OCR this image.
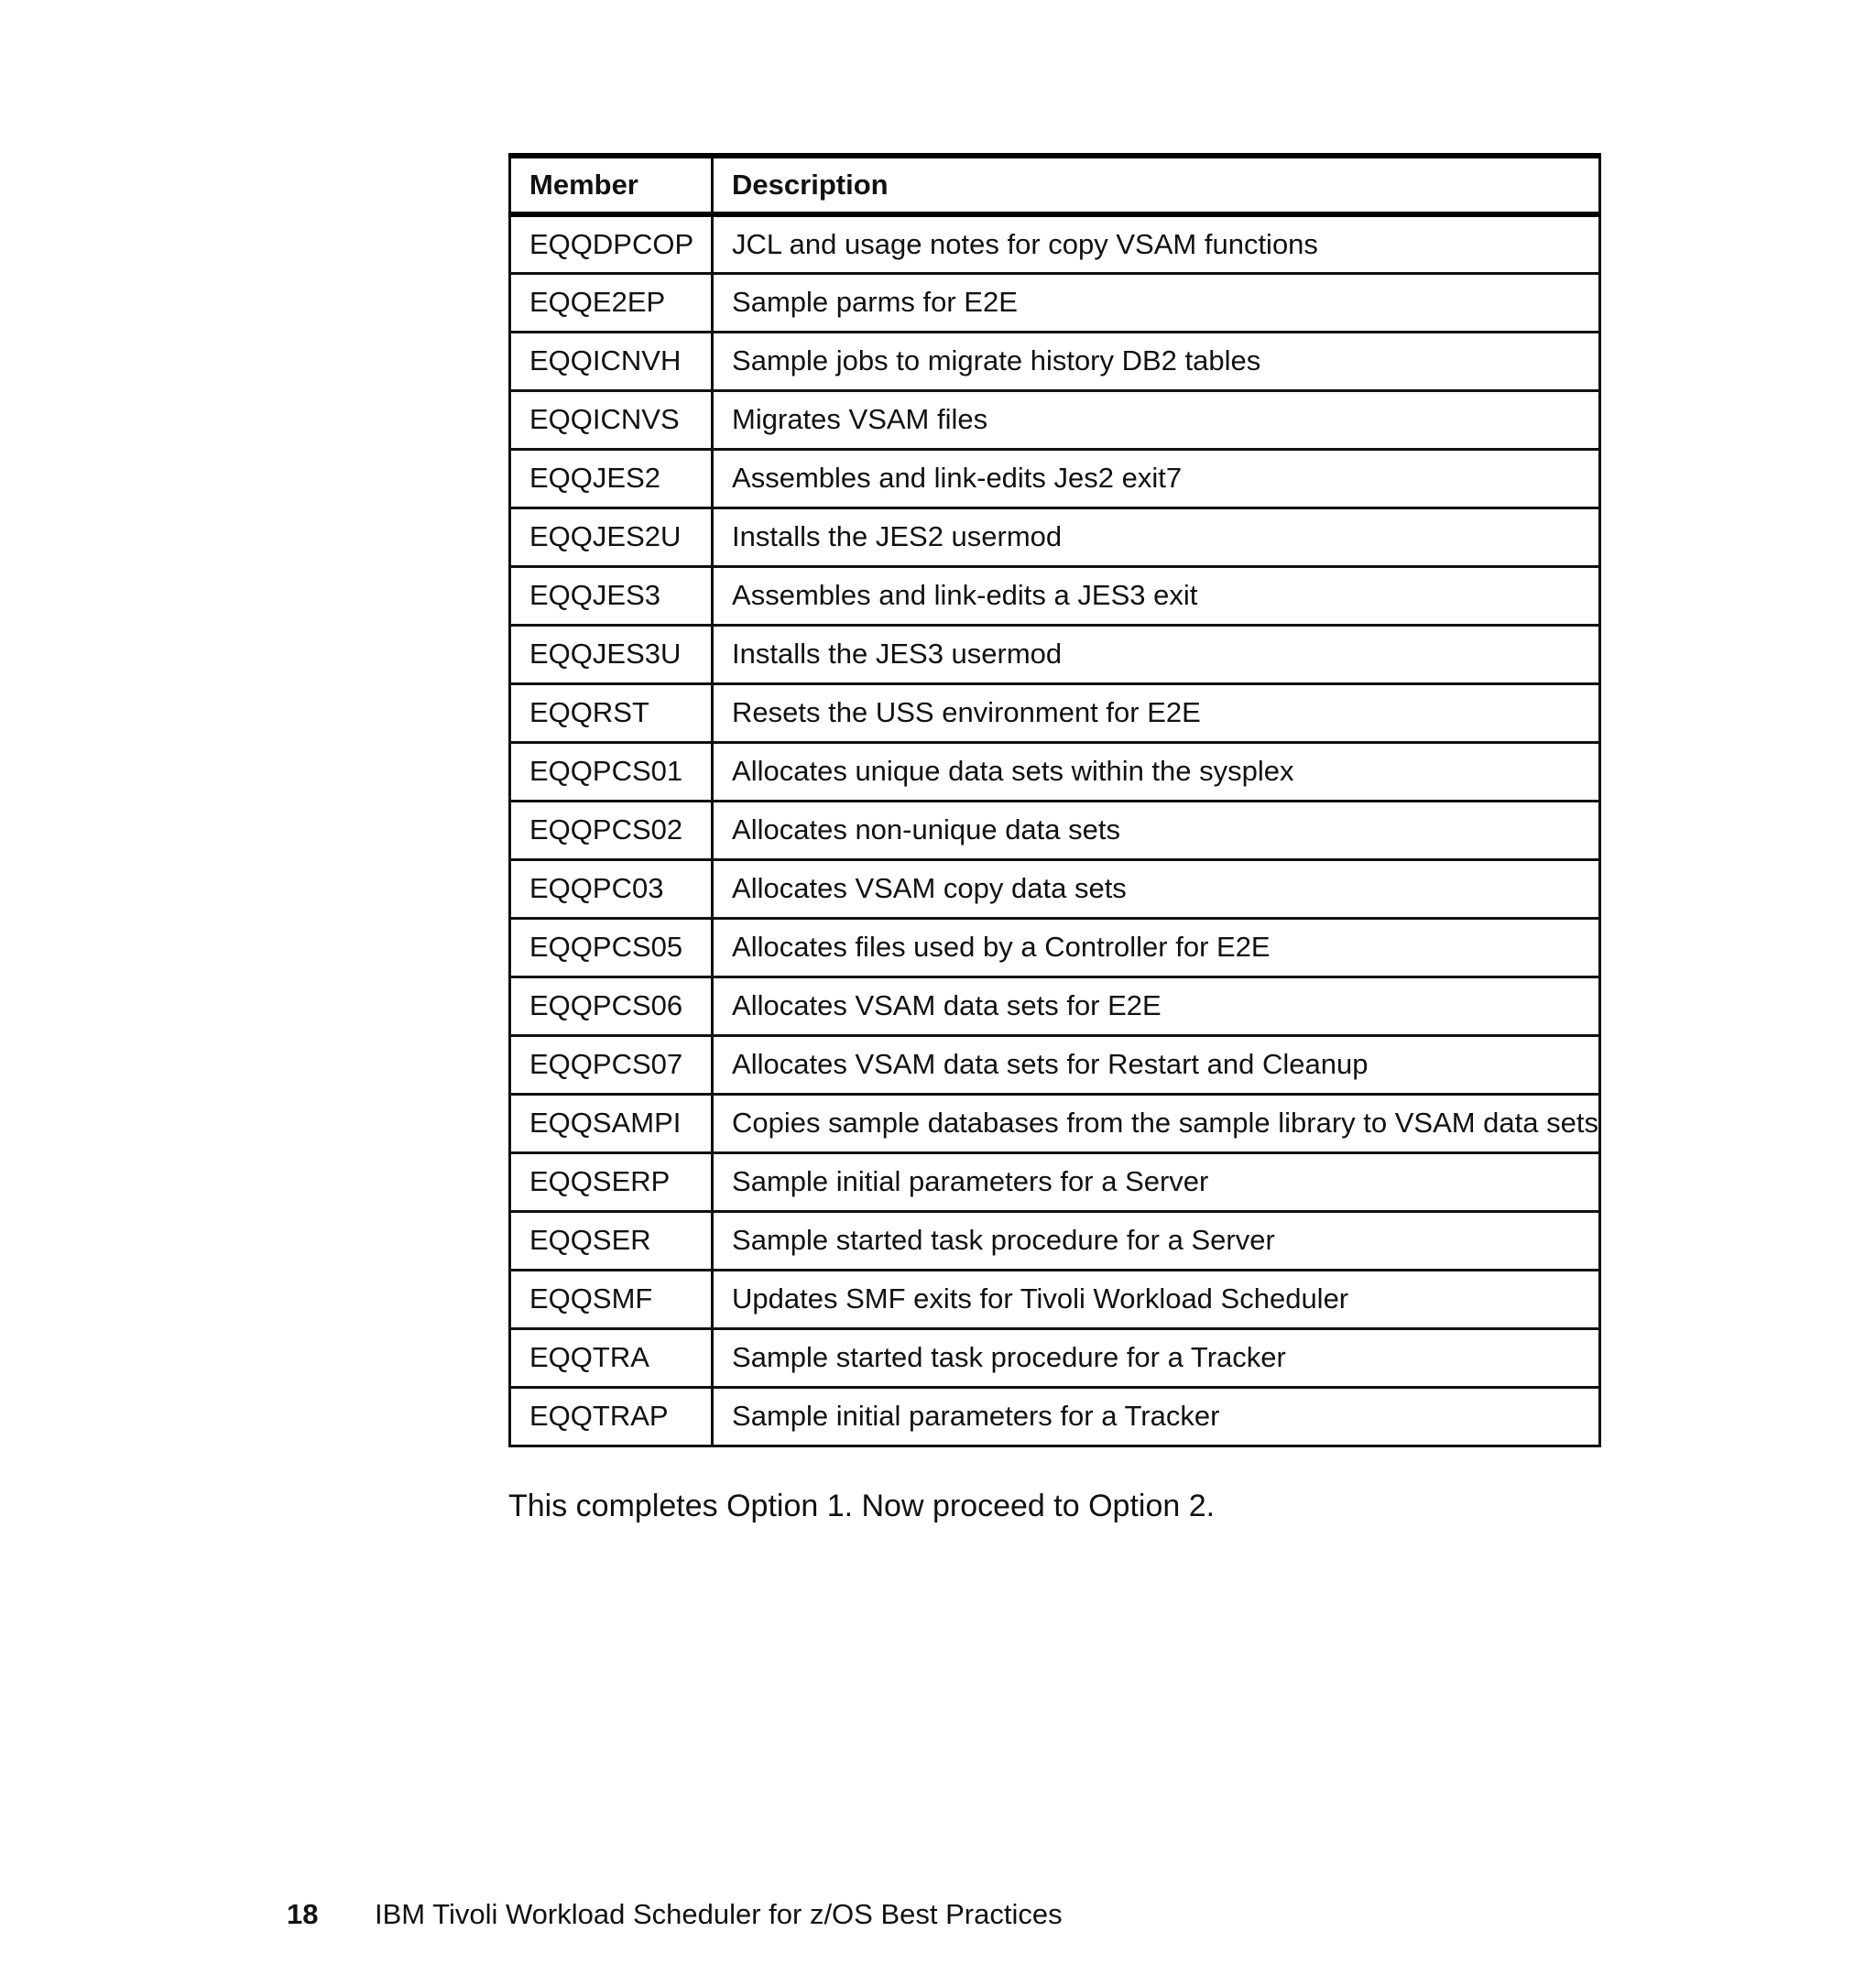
Member	Description
EQQDPCOP	JCL and usage notes for copy VSAM functions
EQQE2EP	Sample parms for E2E
EQQICNVH	Sample jobs to migrate history DB2 tables
EQQICNVS	Migrates VSAM files
EQQJES2	Assembles and link-edits Jes2 exit7
EQQJES2U	Installs the JES2 usermod
EQQJES3	Assembles and link-edits a JES3 exit
EQQJES3U	Installs the JES3 usermod
EQQRST	Resets the USS environment for E2E
EQQPCS01	Allocates unique data sets within the sysplex
EQQPCS02	Allocates non-unique data sets
EQQPC03	Allocates VSAM copy data sets
EQQPCS05	Allocates files used by a Controller for E2E
EQQPCS06	Allocates VSAM data sets for E2E
EQQPCS07	Allocates VSAM data sets for Restart and Cleanup
EQQSAMPI	Copies sample databases from the sample library to VSAM data sets
EQQSERP	Sample initial parameters for a Server
EQQSER	Sample started task procedure for a Server
EQQSMF	Updates SMF exits for Tivoli Workload Scheduler
EQQTRA	Sample started task procedure for a Tracker
EQQTRAP	Sample initial parameters for a Tracker

This completes Option 1. Now proceed to Option 2.

18	IBM Tivoli Workload Scheduler for z/OS Best Practices
